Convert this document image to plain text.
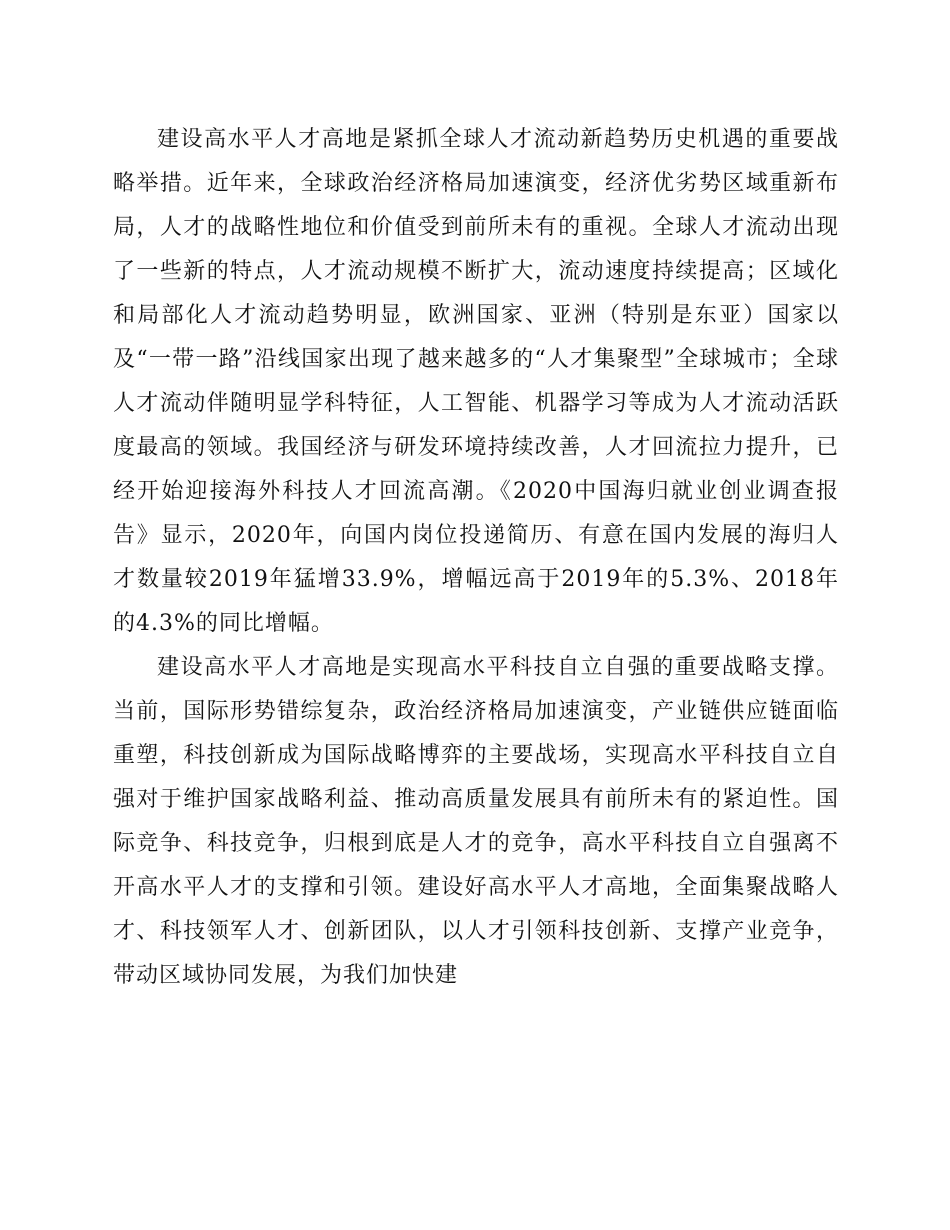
建设高水平人才高地是紧抓全球人才流动新趋势历史机遇的重要战略举措。近年来，全球政治经济格局加速演变，经济优劣势区域重新布局，人才的战略性地位和价值受到前所未有的重视。全球人才流动出现了一些新的特点，人才流动规模不断扩大，流动速度持续提高；区域化和局部化人才流动趋势明显，欧洲国家、亚洲（特别是东亚）国家以及“一带一路”沿线国家出现了越来越多的“人才集聚型”全球城市；全球人才流动伴随明显学科特征，人工智能、机器学习等成为人才流动活跃度最高的领域。我国经济与研发环境持续改善，人才回流拉力提升，已经开始迎接海外科技人才回流高潮。《2020中国海归就业创业调查报告》显示，2020年，向国内岗位投递简历、有意在国内发展的海归人才数量较2019年猛增33.9%，增幅远高于2019年的5.3%、2018年的4.3%的同比增幅。

建设高水平人才高地是实现高水平科技自立自强的重要战略支撑。当前，国际形势错综复杂，政治经济格局加速演变，产业链供应链面临重塑，科技创新成为国际战略博弈的主要战场，实现高水平科技自立自强对于维护国家战略利益、推动高质量发展具有前所未有的紧迫性。国际竞争、科技竞争，归根到底是人才的竞争，高水平科技自立自强离不开高水平人才的支撑和引领。建设好高水平人才高地，全面集聚战略人才、科技领军人才、创新团队，以人才引领科技创新、支撑产业竞争，带动区域协同发展，为我们加快建
